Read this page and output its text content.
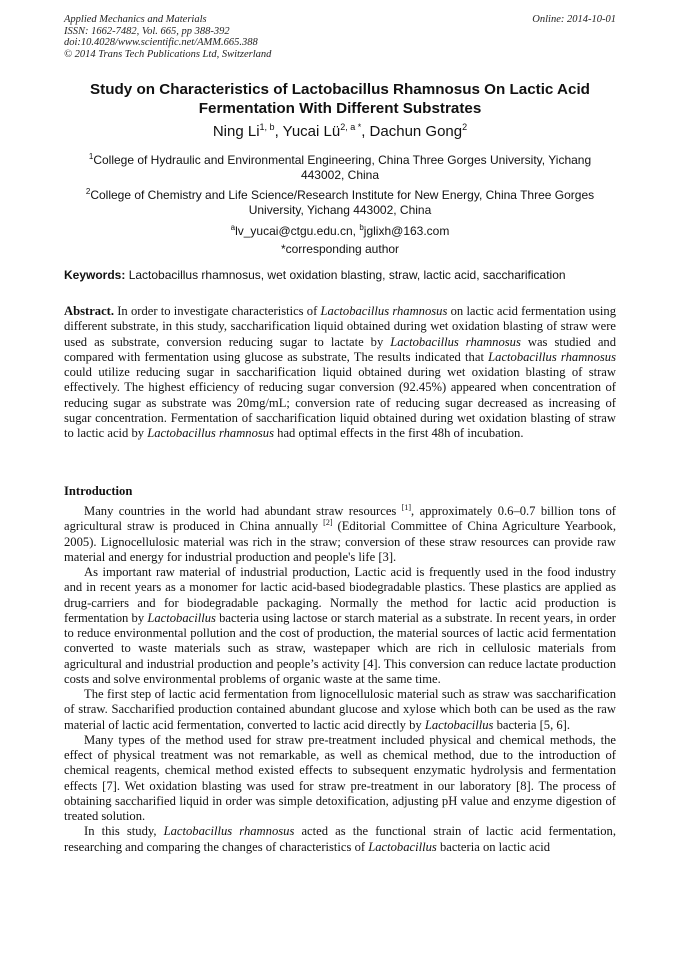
Applied Mechanics and Materials
ISSN: 1662-7482, Vol. 665, pp 388-392
doi:10.4028/www.scientific.net/AMM.665.388
© 2014 Trans Tech Publications Ltd, Switzerland
Online: 2014-10-01
Study on Characteristics of Lactobacillus Rhamnosus On Lactic Acid
Fermentation With Different Substrates
Ning Li$^{1, b}$, Yucai $Lü^{2, a *}$, Dachun Gong$^2$
$^1$College of Hydraulic and Environmental Engineering, China Three Gorges University, Yichang
443002, China
$^2$College of Chemistry and Life Science/Research Institute for New Energy, China Three Gorges
University, Yichang 443002, China
$^a$lv_yucai@ctgu.edu.cn, $^b$jglixh@163.com
*corresponding author
Keywords: Lactobacillus rhamnosus, wet oxidation blasting, straw, lactic acid, saccharification

Abstract. In order to investigate characteristics of Lactobacillus rhamnosus on lactic acid fermentation using different substrate, in this study, saccharification liquid obtained during wet oxidation blasting of straw were used as substrate, conversion reducing sugar to lactate by Lactobacillus rhamnosus was studied and compared with fermentation using glucose as substrate, The results indicated that Lactobacillus rhamnosus could utilize reducing sugar in saccharification liquid obtained during wet oxidation blasting of straw effectively. The highest efficiency of reducing sugar conversion (92.45%) appeared when concentration of reducing sugar as substrate was 20mg/mL; conversion rate of reducing sugar decreased as increasing of sugar concentration. Fermentation of saccharification liquid obtained during wet oxidation blasting of straw to lactic acid by Lactobacillus rhamnosus had optimal effects in the first 48h of incubation.

Introduction

Many countries in the world had abundant straw resources [1], approximately 0.6–0.7 billion tons of agricultural straw is produced in China annually [2] (Editorial Committee of China Agriculture Yearbook, 2005). Lignocellulosic material was rich in the straw; conversion of these straw resources can provide raw material and energy for industrial production and people's life [3].

As important raw material of industrial production, Lactic acid is frequently used in the food industry and in recent years as a monomer for lactic acid-based biodegradable plastics. These plastics are applied as drug-carriers and for biodegradable packaging. Normally the method for lactic acid production is fermentation by Lactobacillus bacteria using lactose or starch material as a substrate. In recent years, in order to reduce environmental pollution and the cost of production, the material sources of lactic acid fermentation converted to waste materials such as straw, wastepaper which are rich in cellulosic materials from agricultural and industrial production and people’s activity [4]. This conversion can reduce lactate production costs and solve environmental problems of organic waste at the same time.

The first step of lactic acid fermentation from lignocellulosic material such as straw was saccharification of straw. Saccharified production contained abundant glucose and xylose which both can be used as the raw material of lactic acid fermentation, converted to lactic acid directly by Lactobacillus bacteria [5, 6].

Many types of the method used for straw pre-treatment included physical and chemical methods, the effect of physical treatment was not remarkable, as well as chemical method, due to the introduction of chemical reagents, chemical method existed effects to subsequent enzymatic hydrolysis and fermentation effects [7]. Wet oxidation blasting was used for straw pre-treatment in our laboratory [8]. The process of obtaining saccharified liquid in order was simple detoxification, adjusting pH value and enzyme digestion of treated solution.

In this study, Lactobacillus rhamnosus acted as the functional strain of lactic acid fermentation, researching and comparing the changes of characteristics of Lactobacillus bacteria on lactic acid
